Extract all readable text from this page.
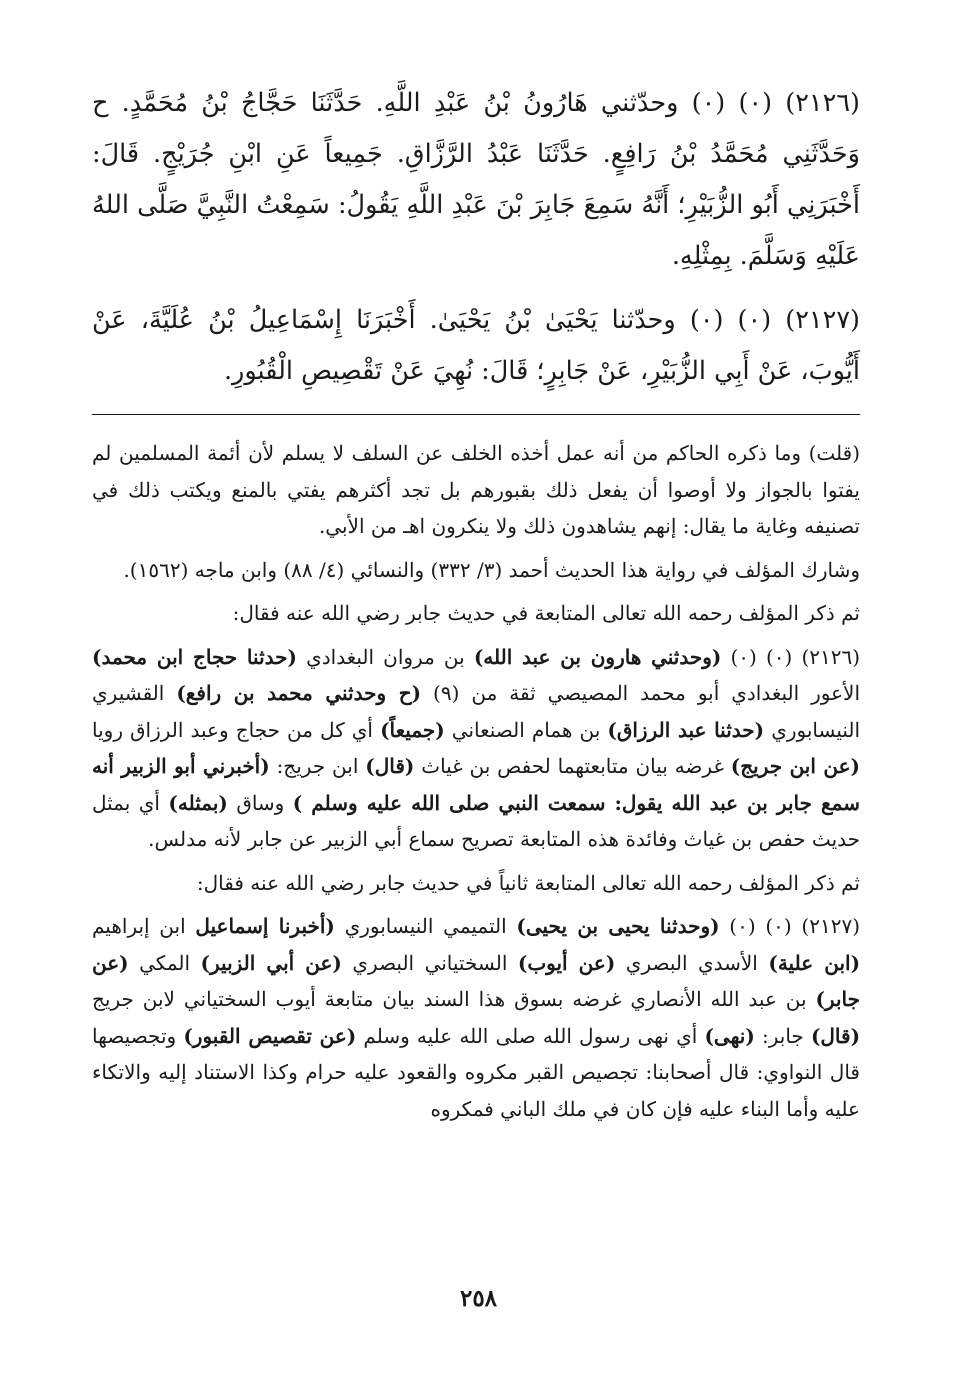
(٢١٢٦) (٠) (٠) وحدّثني هَارُونُ بْنُ عَبْدِ اللَّهِ. حَدَّثَنَا حَجَّاجُ بْنُ مُحَمَّدٍ. ح وَحَدَّثَنِي مُحَمَّدُ بْنُ رَافِعٍ. حَدَّثَنَا عَبْدُ الرَّزَّاقِ. جَمِيعاً عَنِ ابْنِ جُرَيْجٍ. قَالَ: أَخْبَرَنِي أَبُو الزُّبَيْرِ؛ أَنَّهُ سَمِعَ جَابِرَ بْنَ عَبْدِ اللَّهِ يَقُولُ: سَمِعْتُ النَّبِيَّ صَلَّى اللهُ عَلَيْهِ وَسَلَّمَ. بِمِثْلِهِ.

(٢١٢٧) (٠) (٠) وحدّثنا يَحْيَىٰ بْنُ يَحْيَىٰ. أَخْبَرَنَا إِسْمَاعِيلُ بْنُ عُلَيَّةَ، عَنْ أَيُّوبَ، عَنْ أَبِي الزُّبَيْرِ، عَنْ جَابِرٍ؛ قَالَ: نُهِيَ عَنْ تَقْصِيصِ الْقُبُورِ.

(قلت) وما ذكره الحاكم من أنه عمل أخذه الخلف عن السلف لا يسلم لأن أئمة المسلمين لم يفتوا بالجواز ولا أوصوا أن يفعل ذلك بقبورهم بل تجد أكثرهم يفتي بالمنع ويكتب ذلك في تصنيفه وغاية ما يقال: إنهم يشاهدون ذلك ولا ينكرون اهـ من الأبي.

وشارك المؤلف في رواية هذا الحديث أحمد (٣/ ٣٣٢) والنسائي (٤/ ٨٨) وابن ماجه (١٥٦٢).

ثم ذكر المؤلف رحمه الله تعالى المتابعة في حديث جابر رضي الله عنه فقال:

(٢١٢٦) (٠) (٠) (وحدثني هارون بن عبد الله) بن مروان البغدادي (حدثنا حجاج ابن محمد) الأعور البغدادي أبو محمد المصيصي ثقة من (٩) (ح وحدثني محمد بن رافع) القشيري النيسابوري (حدثنا عبد الرزاق) بن همام الصنعاني (جميعاً) أي كل من حجاج وعبد الرزاق رويا (عن ابن جريج) غرضه بيان متابعتهما لحفص بن غياث (قال) ابن جريج: (أخبرني أبو الزبير أنه سمع جابر بن عبد الله يقول: سمعت النبي صلى الله عليه وسلم ) وساق (بمثله) أي بمثل حديث حفص بن غياث وفائدة هذه المتابعة تصريح سماع أبي الزبير عن جابر لأنه مدلس.

ثم ذكر المؤلف رحمه الله تعالى المتابعة ثانياً في حديث جابر رضي الله عنه فقال:

(٢١٢٧) (٠) (٠) (وحدثنا يحيى بن يحيى) التميمي النيسابوري (أخبرنا إسماعيل ابن إبراهيم (ابن علية) الأسدي البصري (عن أيوب) السختياني البصري (عن أبي الزبير) المكي (عن جابر) بن عبد الله الأنصاري غرضه بسوق هذا السند بيان متابعة أيوب السختياني لابن جريج (قال) جابر: (نهى) أي نهى رسول الله صلى الله عليه وسلم (عن تقصيص القبور) وتجصيصها قال النواوي: قال أصحابنا: تجصيص القبر مكروه والقعود عليه حرام وكذا الاستناد إليه والاتكاء عليه وأما البناء عليه فإن كان في ملك الباني فمكروه

٢٥٨
